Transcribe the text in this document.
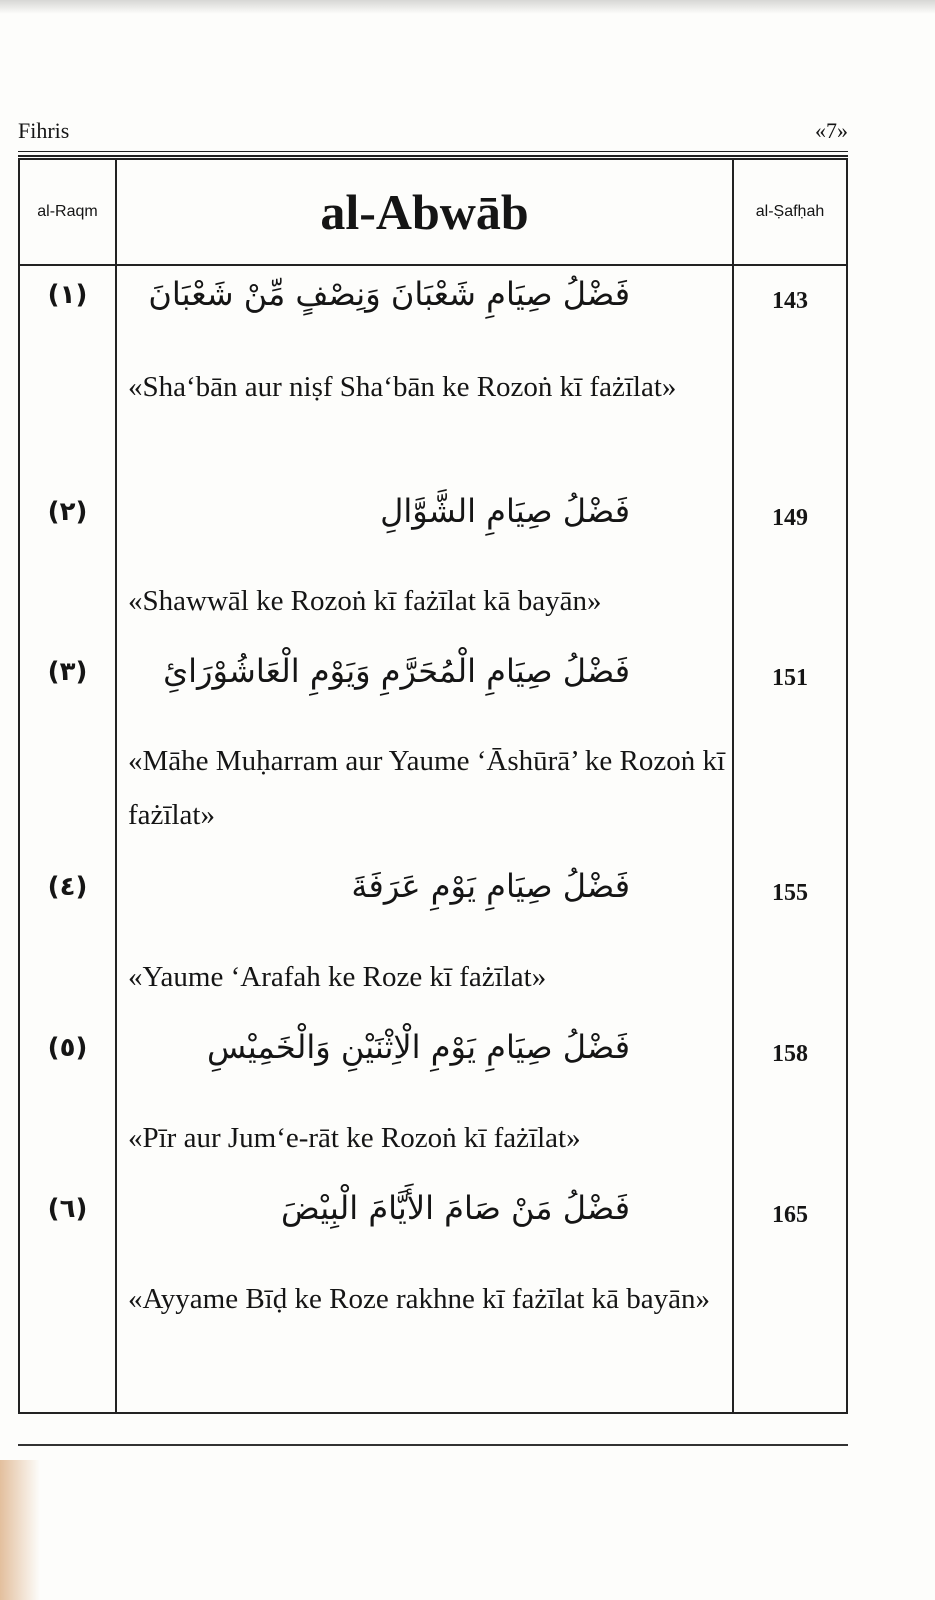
Fihris	«7»
al-Raqm	al-Abwāb	al-Ṣafḥah
(١)	فَضْلُ صِيَامِ شَعْبَانَ وَنِصْفٍ مِّنْ شَعْبَانَ	143
«Sha‘bān aur niṣf Sha‘bān ke Rozoṅ kī fażīlat»
(٢)	فَضْلُ صِيَامِ الشَّوَّالِ	149
«Shawwāl ke Rozoṅ kī fażīlat kā bayān»
(٣)	فَضْلُ صِيَامِ الْمُحَرَّمِ وَيَوْمِ الْعَاشُوْرَائِ	151
«Māhe Muḥarram aur Yaume ‘Āshūrā’ ke Rozoṅ kī fażīlat»
(٤)	فَضْلُ صِيَامِ يَوْمِ عَرَفَةَ	155
«Yaume ‘Arafah ke Roze kī fażīlat»
(٥)	فَضْلُ صِيَامِ يَوْمِ الْاِثْنَيْنِ وَالْخَمِيْسِ	158
«Pīr aur Jum‘e-rāt ke Rozoṅ kī fażīlat»
(٦)	فَضْلُ مَنْ صَامَ الأَيَّامَ الْبِيْضَ	165
«Ayyame Bīḍ ke Roze rakhne kī fażīlat kā bayān»
